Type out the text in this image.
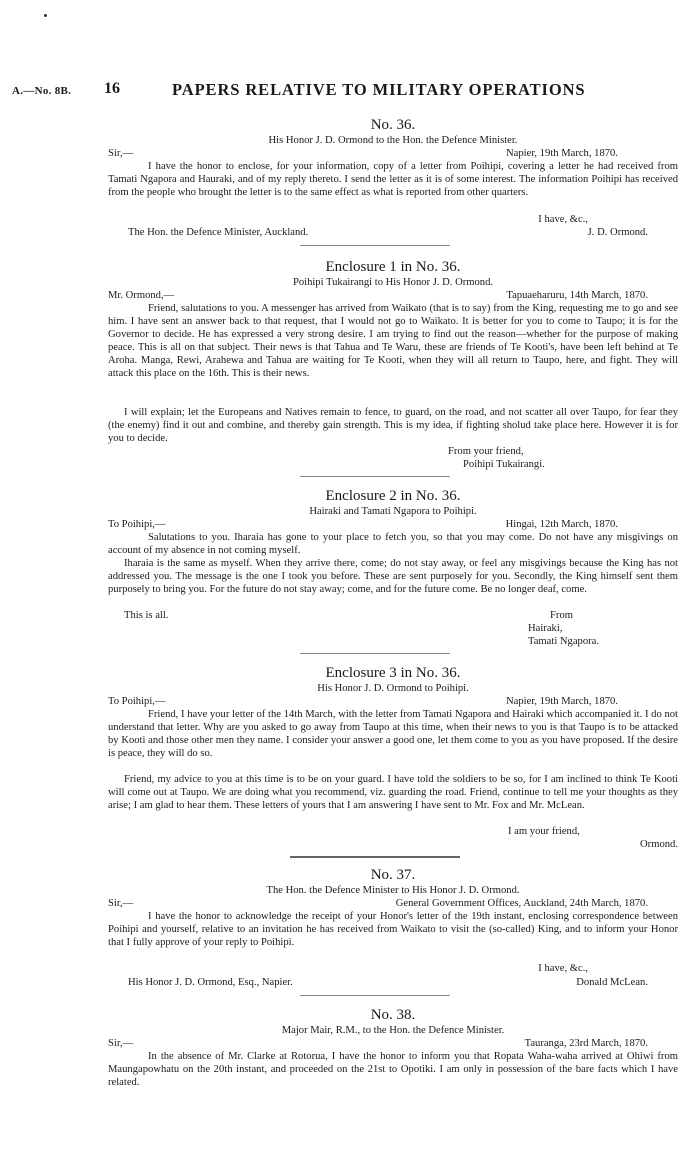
A.—No. 8B. 16	PAPERS RELATIVE TO MILITARY OPERATIONS
No. 36.
His Honor J. D. Ormond to the Hon. the Defence Minister.
Sir,—	Napier, 19th March, 1870.
I have the honor to enclose, for your information, copy of a letter from Poihipi, covering a letter he had received from Tamati Ngapora and Hauraki, and of my reply thereto. I send the letter as it is of some interest. The information Poihipi has received from the people who brought the letter is to the same effect as what is reported from other quarters.
I have, &c.,
The Hon. the Defence Minister, Auckland.	J. D. Ormond.
Enclosure 1 in No. 36.
Poihipi Tukairangi to His Honor J. D. Ormond.
Mr. Ormond,—	Tapuaeharuru, 14th March, 1870.
Friend, salutations to you. A messenger has arrived from Waikato (that is to say) from the King, requesting me to go and see him. I have sent an answer back to that request, that I would not go to Waikato. It is better for you to come to Taupo; it is for the Governor to decide. He has expressed a very strong desire. I am trying to find out the reason—whether for the purpose of making peace. This is all on that subject. Their news is that Tahua and Te Waru, these are friends of Te Kooti's, have been left behind at Te Aroha. Manga, Rewi, Arahewa and Tahua are waiting for Te Kooti, when they will all return to Taupo, here, and fight. They will attack this place on the 16th. This is their news.
I will explain; let the Europeans and Natives remain to fence, to guard, on the road, and not scatter all over Taupo, for fear they (the enemy) find it out and combine, and thereby gain strength. This is my idea, if fighting sholud take place here. However it is for you to decide.
From your friend,
Poihipi Tukairangi.
Enclosure 2 in No. 36.
Hairaki and Tamati Ngapora to Poihipi.
To Poihipi,—	Hingai, 12th March, 1870.
Salutations to you. Iharaia has gone to your place to fetch you, so that you may come. Do not have any misgivings on account of my absence in not coming myself.
Iharaia is the same as myself. When they arrive there, come; do not stay away, or feel any misgivings because the King has not addressed you. The message is the one I took you before. These are sent purposely for you. Secondly, the King himself sent them purposely to bring you. For the future do not stay away; come, and for the future come. Be no longer deaf, come.
This is all.	From
Hairaki,
Tamati Ngapora.
Enclosure 3 in No. 36.
His Honor J. D. Ormond to Poihipi.
To Poihipi,—	Napier, 19th March, 1870.
Friend, I have your letter of the 14th March, with the letter from Tamati Ngapora and Hairaki which accompanied it. I do not understand that letter. Why are you asked to go away from Taupo at this time, when their news to you is that Taupo is to be attacked by Kooti and those other men they name. I consider your answer a good one, let them come to you as you have proposed. If the desire is peace, they will do so.
Friend, my advice to you at this time is to be on your guard. I have told the soldiers to be so, for I am inclined to think Te Kooti will come out at Taupo. We are doing what you recommend, viz. guarding the road. Friend, continue to tell me your thoughts as they arise; I am glad to hear them. These letters of yours that I am answering I have sent to Mr. Fox and Mr. McLean.
I am your friend,
Ormond.
No. 37.
The Hon. the Defence Minister to His Honor J. D. Ormond.
Sir,—	General Government Offices, Auckland, 24th March, 1870.
I have the honor to acknowledge the receipt of your Honor's letter of the 19th instant, enclosing correspondence between Poihipi and yourself, relative to an invitation he has received from Waikato to visit the (so-called) King, and to inform your Honor that I fully approve of your reply to Poihipi.
I have, &c.,
His Honor J. D. Ormond, Esq., Napier.	Donald McLean.
No. 38.
Major Mair, R.M., to the Hon. the Defence Minister.
Sir,—	Tauranga, 23rd March, 1870.
In the absence of Mr. Clarke at Rotorua, I have the honor to inform you that Ropata Waha-waha arrived at Ohiwi from Maungapowhatu on the 20th instant, and proceeded on the 21st to Opotiki. I am only in possession of the bare facts which I have related.
